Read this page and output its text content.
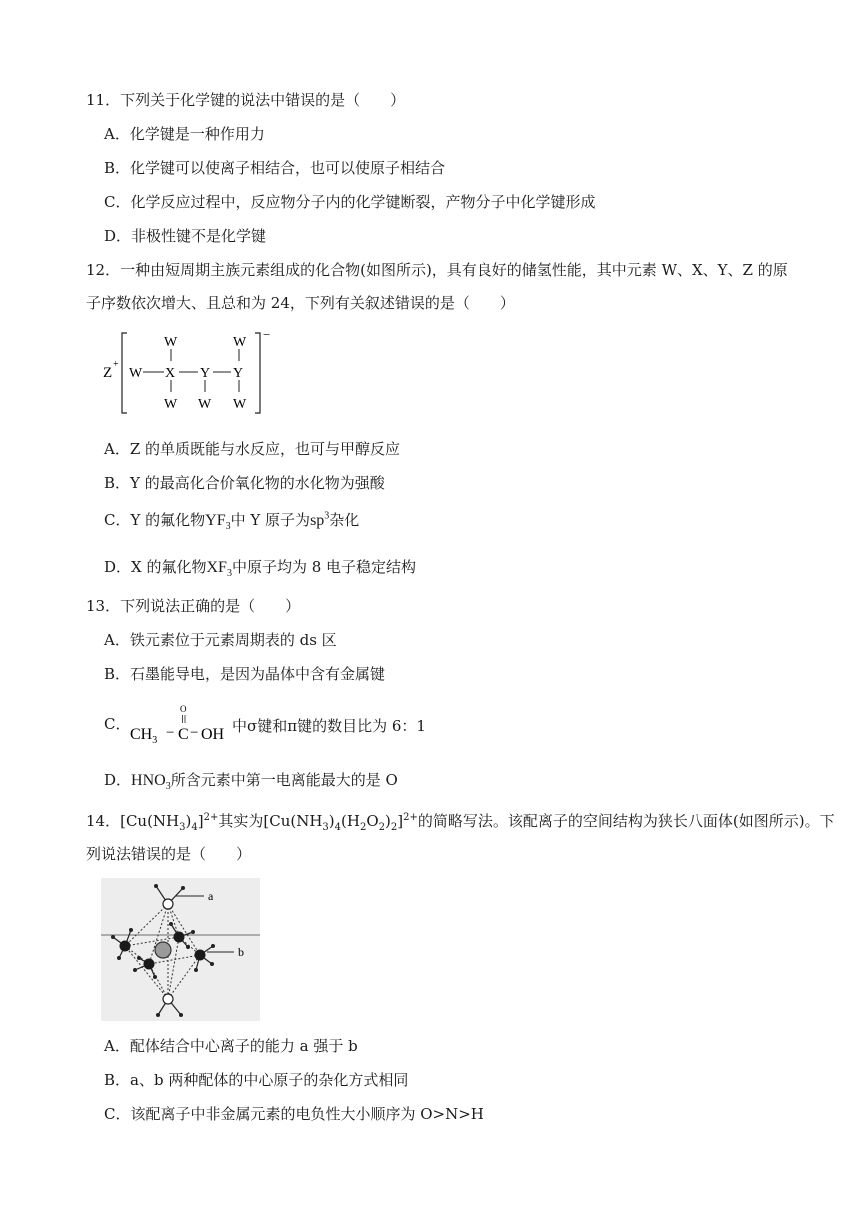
11．下列关于化学键的说法中错误的是（　　）
A．化学键是一种作用力
B．化学键可以使离子相结合，也可以使原子相结合
C．化学反应过程中，反应物分子内的化学键断裂，产物分子中化学键形成
D．非极性键不是化学键
12．一种由短周期主族元素组成的化合物(如图所示)，具有良好的储氢性能，其中元素 W、X、Y、Z 的原
子序数依次增大、且总和为 24，下列有关叙述错误的是（　　）
Z
+
−
W X
W
W
Y
W
Y
W
W
A．Z 的单质既能与水反应，也可与甲醇反应
B．Y 的最高化合价氧化物的水化物为强酸
C．Y 的氟化物$YF_3$中 Y 原子为$sp^3$杂化
D．X 的氟化物$XF_3$中原子均为 8 电子稳定结构
13．下列说法正确的是（　　）
A．铁元素位于元素周期表的 ds 区
B．石墨能导电，是因为晶体中含有金属键
C．
O
$CH_3 - C$ − OH 中σ键和π键的数目比为 6：1
D．$HNO_3$所含元素中第一电离能最大的是 O
14．$[Cu(NH_3)_4]^{2+}$其实为$[Cu(NH_3)_4(H_2O_2)_2]^{2+}$的简略写法。该配离子的空间结构为狭长八面体(如图所示)。下
列说法错误的是（　　）
a
b
A．配体结合中心离子的能力 a 强于 b
B．a、b 两种配体的中心原子的杂化方式相同
C．该配离子中非金属元素的电负性大小顺序为 O>N>H
